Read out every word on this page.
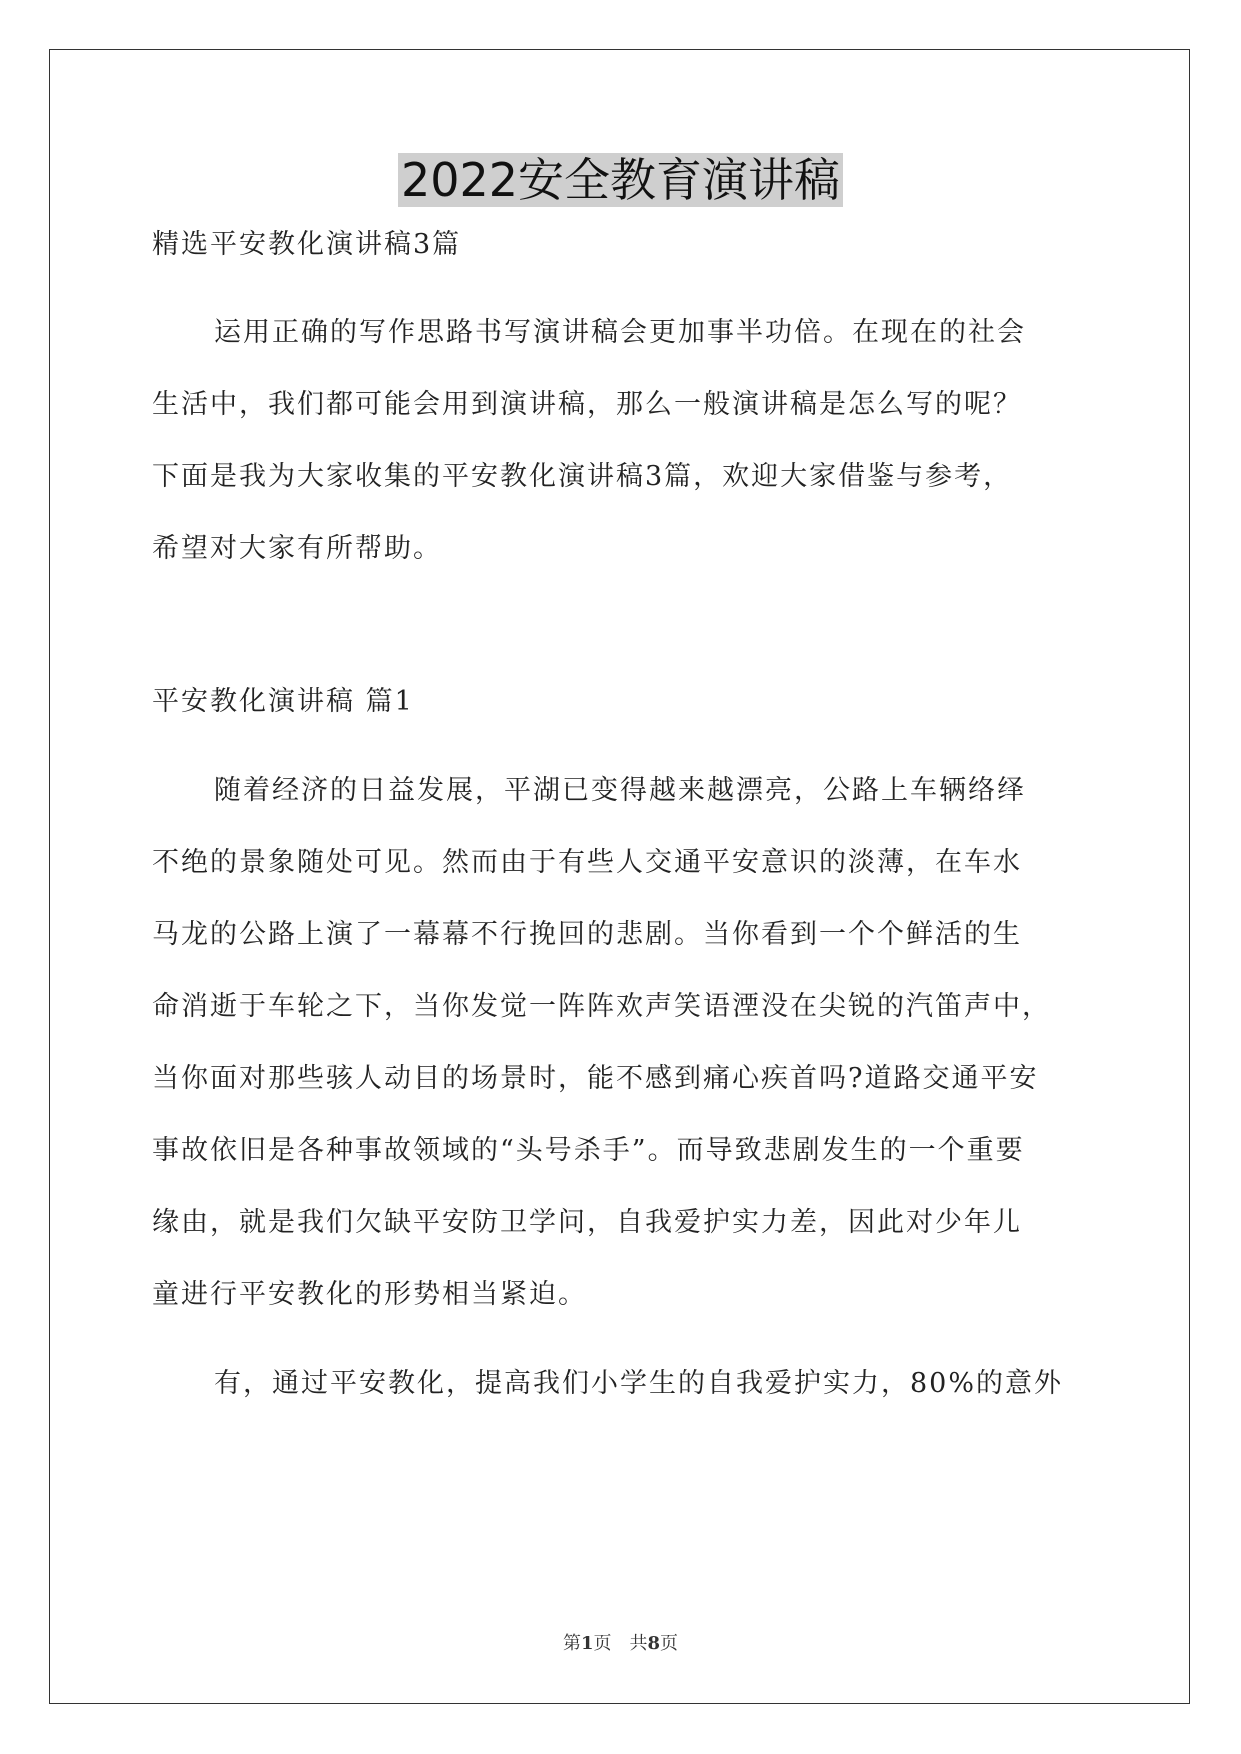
2022安全教育演讲稿
精选平安教化演讲稿3篇
运用正确的写作思路书写演讲稿会更加事半功倍。在现在的社会
生活中，我们都可能会用到演讲稿，那么一般演讲稿是怎么写的呢？
下面是我为大家收集的平安教化演讲稿3篇，欢迎大家借鉴与参考，
希望对大家有所帮助。
平安教化演讲稿 篇1
随着经济的日益发展，平湖已变得越来越漂亮，公路上车辆络绎
不绝的景象随处可见。然而由于有些人交通平安意识的淡薄，在车水
马龙的公路上演了一幕幕不行挽回的悲剧。当你看到一个个鲜活的生
命消逝于车轮之下，当你发觉一阵阵欢声笑语湮没在尖锐的汽笛声中，
当你面对那些骇人动目的场景时，能不感到痛心疾首吗?道路交通平安
事故依旧是各种事故领域的“头号杀手”。而导致悲剧发生的一个重要
缘由，就是我们欠缺平安防卫学问，自我爱护实力差，因此对少年儿
童进行平安教化的形势相当紧迫。
有，通过平安教化，提高我们小学生的自我爱护实力，80%的意外
第1页　共8页
